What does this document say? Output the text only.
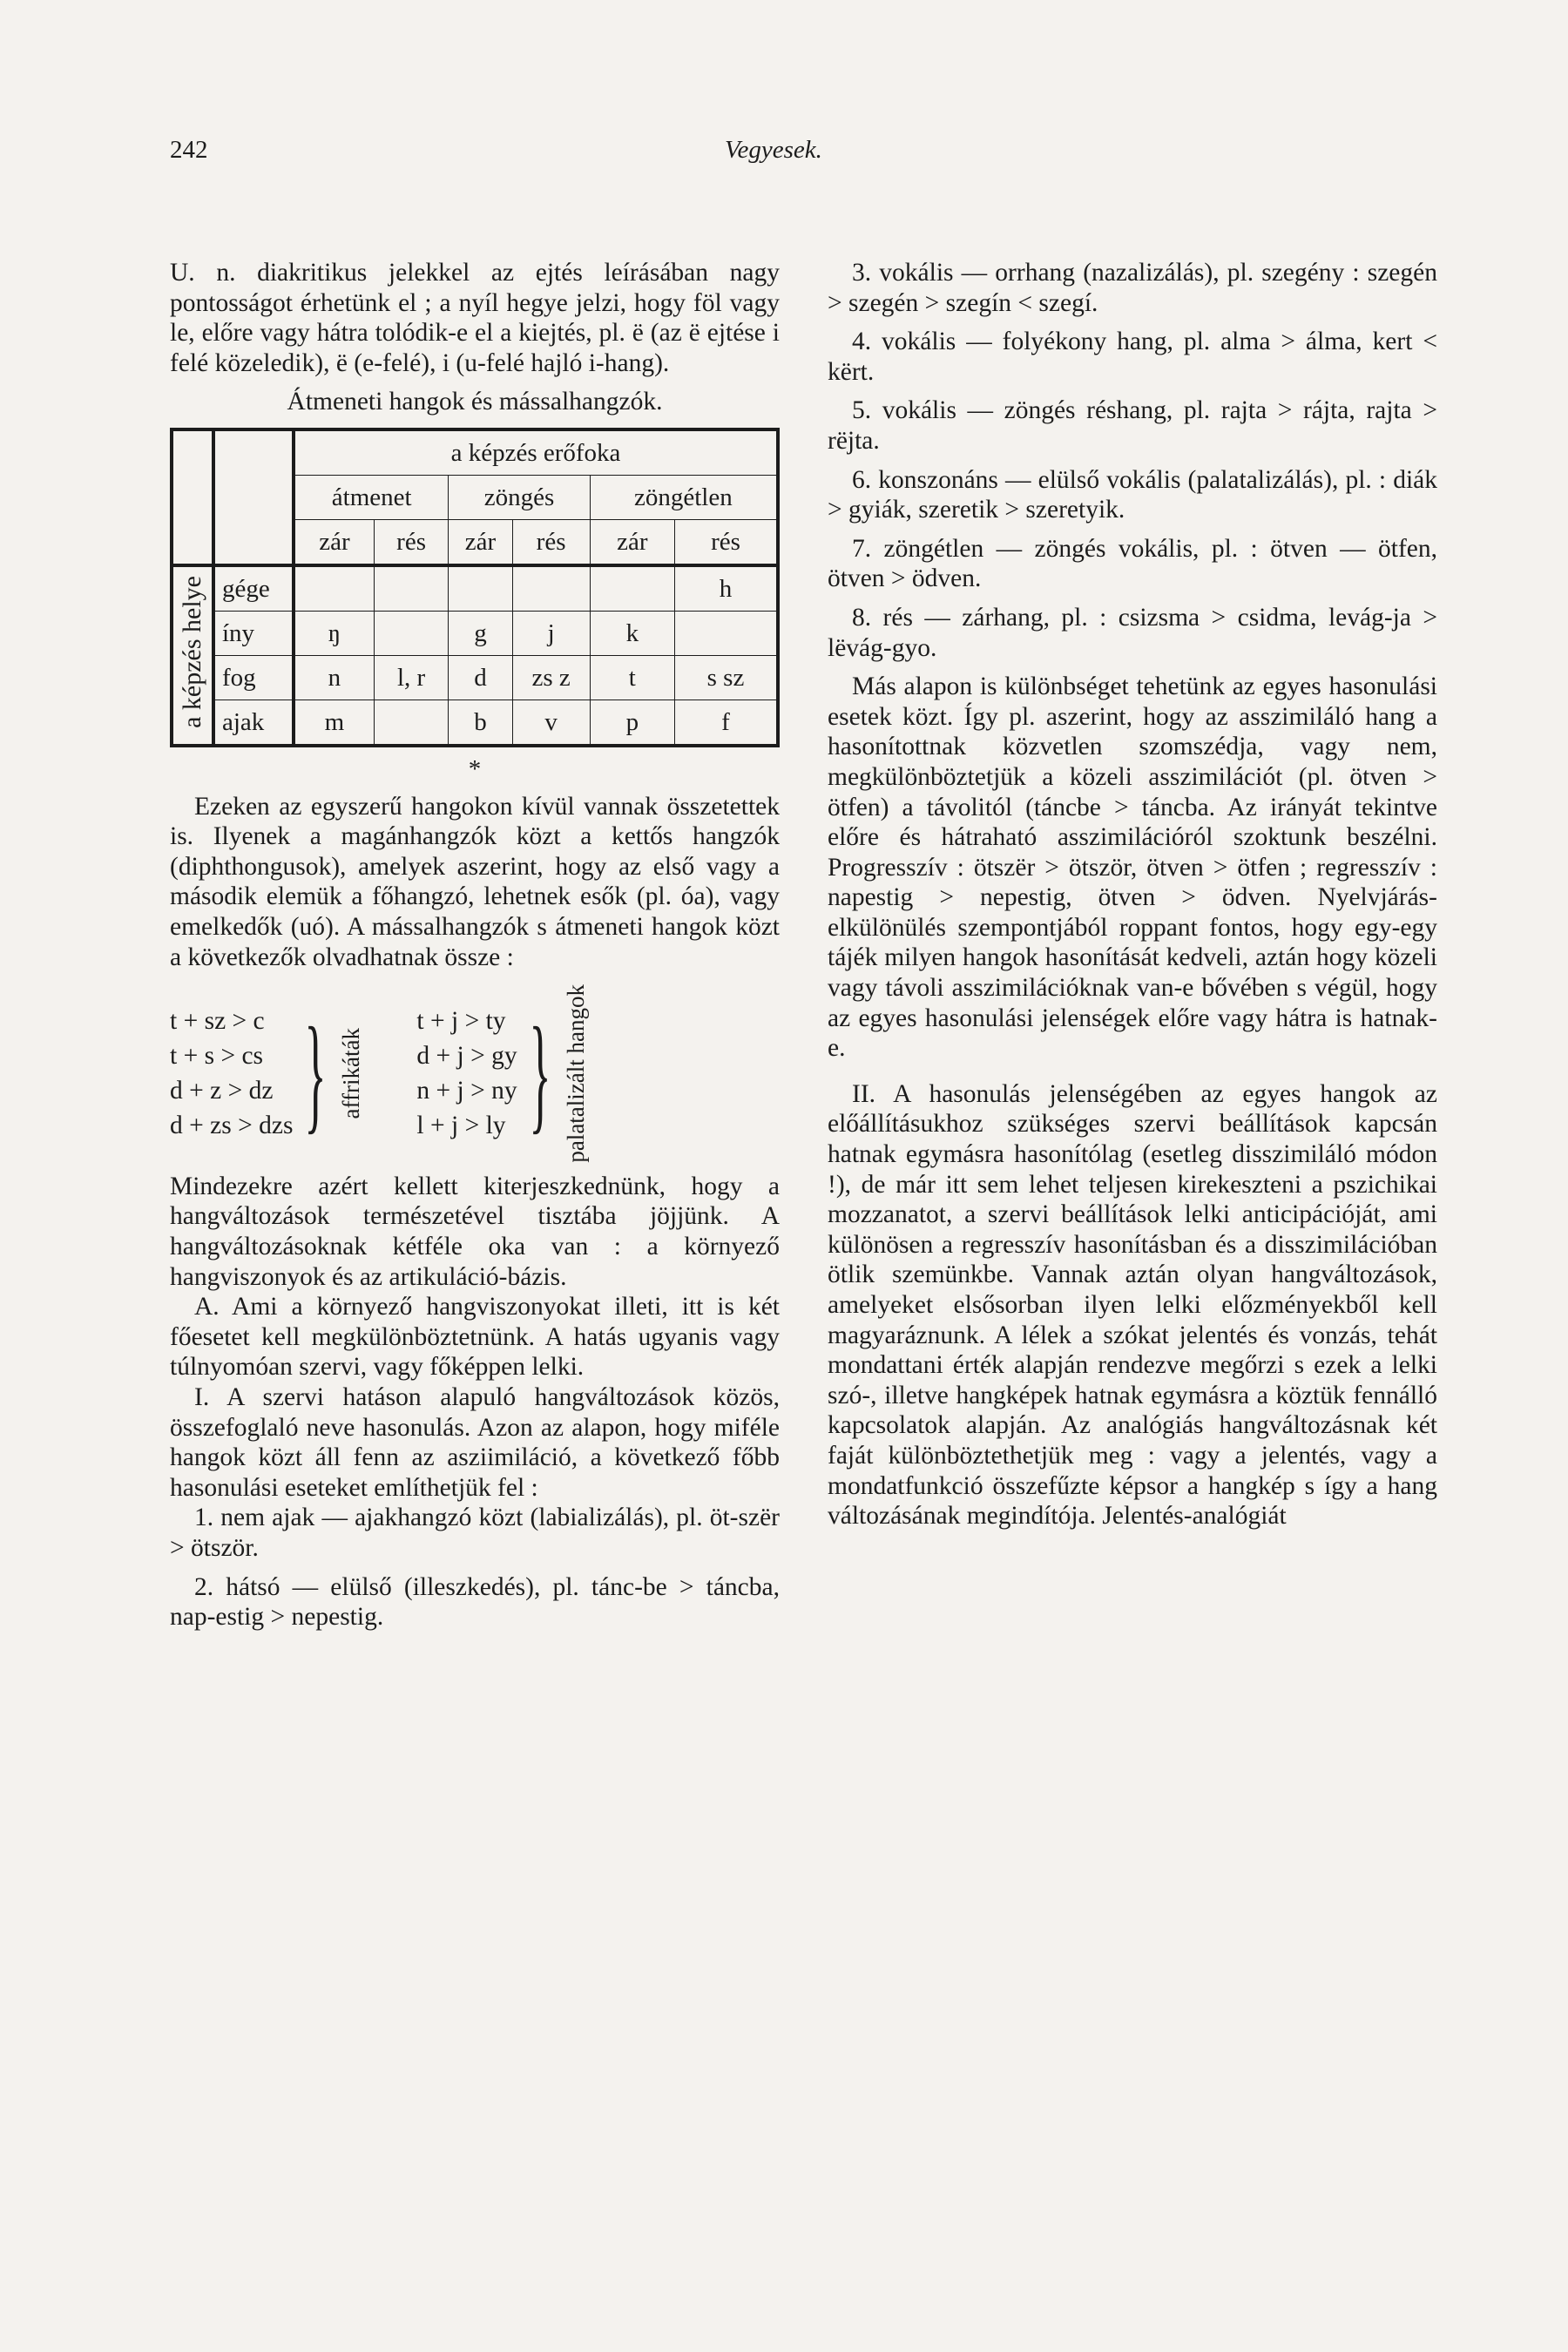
242	Vegyesek.

U. n. diakritikus jelekkel az ejtés leírásában nagy pontosságot érhetünk el ; a nyíl hegye jelzi, hogy föl vagy le, előre vagy hátra tolódik-e el a kiejtés, pl. ë (az ë ejtése i felé közeledik), ë (e-felé), i (u-felé hajló i-hang).

Átmeneti hangok és mássalhangzók.

		a képzés erőfoka					
		átmenet		zöngés		zöngétlen	
		zár	rés	zár	rés	zár	rés
a képzés helye	gége						h
	íny	ŋ		g	j	k	
	fog	n	l, r	d	zs z	t	s sz
	ajak	m		b	v	p	f
*

Ezeken az egyszerű hangokon kívül vannak összetettek is. Ilyenek a magánhangzók közt a kettős hangzók (diphthongusok), amelyek aszerint, hogy az első vagy a második elemük a főhangzó, lehetnek esők (pl. óa), vagy emelkedők (uó). A mássalhangzók s átmeneti hangok közt a következők olvadhatnak össze :

t + sz > c
t + s > cs
d + z > dz
d + zs > dzs } affrikáták
t + j > ty
d + j > gy
n + j > ny
l + j > ly } palatalizált hangok

Mindezekre azért kellett kiterjeszkednünk, hogy a hangváltozások természetével tisztába jöjjünk. A hangváltozásoknak kétféle oka van : a környező hangviszonyok és az artikuláció-bázis.

A. Ami a környező hangviszonyokat illeti, itt is két főesetet kell megkülönböztetnünk. A hatás ugyanis vagy túlnyomóan szervi, vagy főképpen lelki.

I. A szervi hatáson alapuló hangváltozások közös, összefoglaló neve hasonulás. Azon az alapon, hogy miféle hangok közt áll fenn az asziimiláció, a következő főbb hasonulási eseteket említhetjük fel :

1. nem ajak — ajakhangzó közt (labializálás), pl. öt-szër > ötször.

2. hátsó — elülső (illeszkedés), pl. tánc-be > táncba, nap-estig > nepestig.

3. vokális — orrhang (nazalizálás), pl. szegény : szegén > szegén > szegín < szegí.

4. vokális — folyékony hang, pl. alma > álma, kert < kërt.

5. vokális — zöngés réshang, pl. rajta > rájta, rajta > rëjta.

6. konszonáns — elülső vokális (palatalizálás), pl. : diák > gyiák, szeretik > szeretyik.

7. zöngétlen — zöngés vokális, pl. : ötven — ötfen, ötven > ödven.

8. rés — zárhang, pl. : csizsma > csidma, levág-ja > lëvág-gyo.

Más alapon is különbséget tehetünk az egyes hasonulási esetek közt. Így pl. aszerint, hogy az asszimiláló hang a hasonítottnak közvetlen szomszédja, vagy nem, megkülönböztetjük a közeli asszimilációt (pl. ötven > ötfen) a távolitól (táncbe > táncba. Az irányát tekintve előre és hátraható asszimilációról szoktunk beszélni. Progresszív : ötszër > ötször, ötven > ötfen ; regresszív : napestig > nepestig, ötven > ödven. Nyelvjárás-elkülönülés szempontjából roppant fontos, hogy egy-egy tájék milyen hangok hasonítását kedveli, aztán hogy közeli vagy távoli asszimilációknak van-e bővében s végül, hogy az egyes hasonulási jelenségek előre vagy hátra is hatnak-e.

II. A hasonulás jelenségében az egyes hangok az előállításukhoz szükséges szervi beállítások kapcsán hatnak egymásra hasonítólag (esetleg disszimiláló módon !), de már itt sem lehet teljesen kirekeszteni a pszichikai mozzanatot, a szervi beállítások lelki anticipációját, ami különösen a regresszív hasonításban és a disszimilációban ötlik szemünkbe. Vannak aztán olyan hangváltozások, amelyeket elsősorban ilyen lelki előzményekből kell magyaráznunk. A lélek a szókat jelentés és vonzás, tehát mondattani érték alapján rendezve megőrzi s ezek a lelki szó-, illetve hangképek hatnak egymásra a köztük fennálló kapcsolatok alapján. Az analógiás hangváltozásnak két faját különböztethetjük meg : vagy a jelentés, vagy a mondatfunkció összefűzte képsor a hangkép s így a hang változásának megindítója. Jelentés-analógiát
